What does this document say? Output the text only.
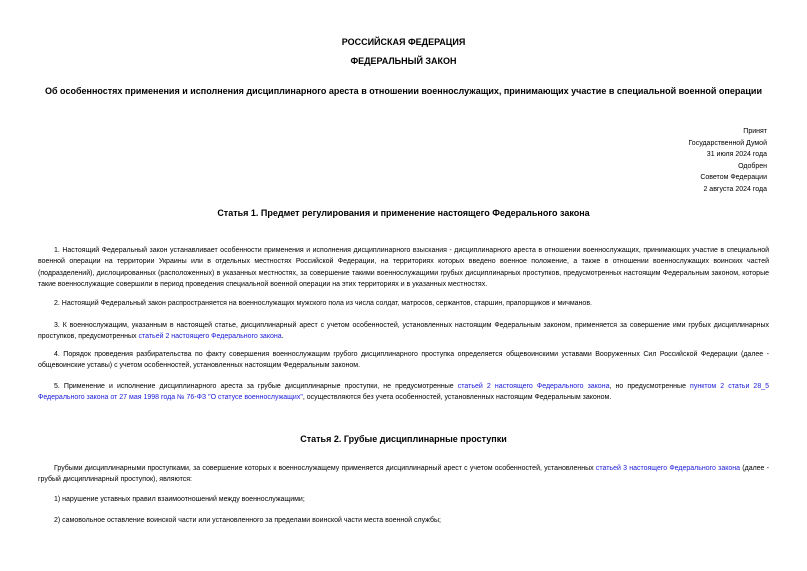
РОССИЙСКАЯ ФЕДЕРАЦИЯ
ФЕДЕРАЛЬНЫЙ ЗАКОН
Об особенностях применения и исполнения дисциплинарного ареста в отношении военнослужащих, принимающих участие в специальной военной операции
Принят
Государственной Думой
31 июля 2024 года
Одобрен
Советом Федерации
2 августа 2024 года
Статья 1. Предмет регулирования и применение настоящего Федерального закона
1. Настоящий Федеральный закон устанавливает особенности применения и исполнения дисциплинарного взыскания - дисциплинарного ареста в отношении военнослужащих, принимающих участие в специальной военной операции на территории Украины или в отдельных местностях Российской Федерации, на территориях которых введено военное положение, а также в отношении военнослужащих воинских частей (подразделений), дислоцированных (расположенных) в указанных местностях, за совершение такими военнослужащими грубых дисциплинарных проступков, предусмотренных настоящим Федеральным законом, которые такие военнослужащие совершили в период проведения специальной военной операции на этих территориях и в указанных местностях.
2. Настоящий Федеральный закон распространяется на военнослужащих мужского пола из числа солдат, матросов, сержантов, старшин, прапорщиков и мичманов.
3. К военнослужащим, указанным в настоящей статье, дисциплинарный арест с учетом особенностей, установленных настоящим Федеральным законом, применяется за совершение ими грубых дисциплинарных проступков, предусмотренных статьей 2 настоящего Федерального закона.
4. Порядок проведения разбирательства по факту совершения военнослужащим грубого дисциплинарного проступка определяется общевоинскими уставами Вооруженных Сил Российской Федерации (далее - общевоинские уставы) с учетом особенностей, установленных настоящим Федеральным законом.
5. Применение и исполнение дисциплинарного ареста за грубые дисциплинарные проступки, не предусмотренные статьей 2 настоящего Федерального закона, но предусмотренные пунктом 2 статьи 28_5 Федерального закона от 27 мая 1998 года № 76-ФЗ "О статусе военнослужащих", осуществляются без учета особенностей, установленных настоящим Федеральным законом.
Статья 2. Грубые дисциплинарные проступки
Грубыми дисциплинарными проступками, за совершение которых к военнослужащему применяется дисциплинарный арест с учетом особенностей, установленных статьей 3 настоящего Федерального закона (далее - грубый дисциплинарный проступок), являются:
1) нарушение уставных правил взаимоотношений между военнослужащими;
2) самовольное оставление воинской части или установленного за пределами воинской части места военной службы;
